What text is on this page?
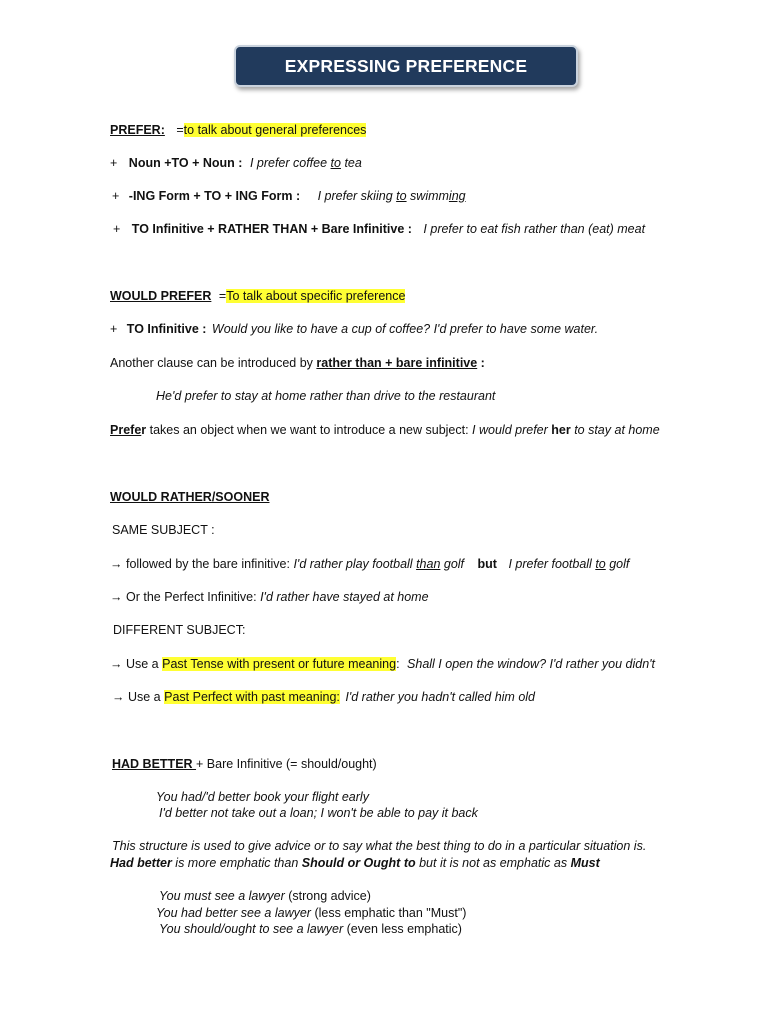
EXPRESSING PREFERENCE
PREFER: =to talk about general preferences
+ Noun +TO + Noun : I prefer coffee to tea
+ -ING Form + TO + ING Form : I prefer skiing to swimming
+ TO Infinitive + RATHER THAN + Bare Infinitive : I prefer to eat fish rather than (eat) meat
WOULD PREFER =To talk about specific preference
+ TO Infinitive : Would you like to have a cup of coffee? I'd prefer to have some water.
Another clause can be introduced by rather than + bare infinitive :
He'd prefer to stay at home rather than drive to the restaurant
Prefer takes an object when we want to introduce a new subject: I would prefer her to stay at home
WOULD RATHER/SOONER
SAME SUBJECT :
→ followed by the bare infinitive: I'd rather play football than golf but I prefer football to golf
→ Or the Perfect Infinitive: I'd rather have stayed at home
DIFFERENT SUBJECT:
→ Use a Past Tense with present or future meaning: Shall I open the window? I'd rather you didn't
→ Use a Past Perfect with past meaning: I'd rather you hadn't called him old
HAD BETTER + Bare Infinitive (= should/ought)
You had/'d better book your flight early
I'd better not take out a loan; I won't be able to pay it back
This structure is used to give advice or to say what the best thing to do in a particular situation is.
Had better is more emphatic than Should or Ought to but it is not as emphatic as Must
You must see a lawyer (strong advice)
You had better see a lawyer (less emphatic than "Must")
You should/ought to see a lawyer (even less emphatic)
